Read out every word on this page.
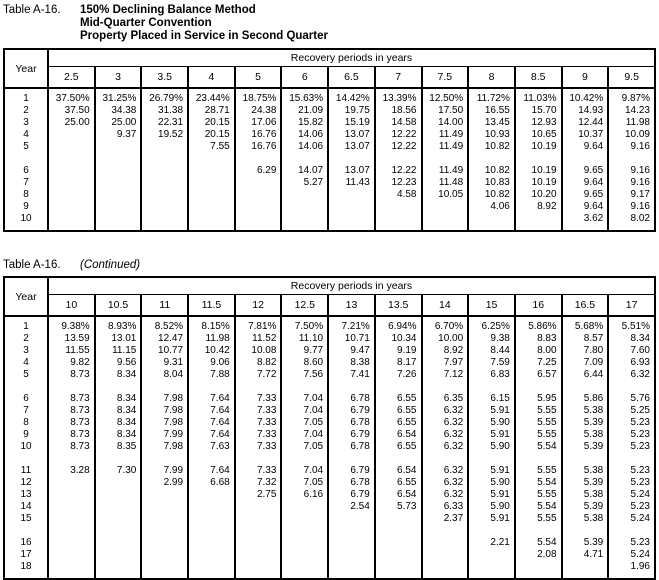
Table A-16.	150% Declining Balance Method
Mid-Quarter Convention
Property Placed in Service in Second Quarter
Year	Recovery periods in years												
	2.5	3	3.5	4	5	6	6.5	7	7.5	8	8.5	9	9.5

1	37.50%	31.25%	26.79%	23.44%	18.75%	15.63%	14.42%	13.39%	12.50%	11.72%	11.03%	10.42%	9.87%
2	37.50	34.38	31.38	28.71	24.38	21.09	19.75	18.56	17.50	16.55	15.70	14.93	14.23
3	25.00	25.00	22.31	20.15	17.06	15.82	15.19	14.58	14.00	13.45	12.93	12.44	11.98
4		9.37	19.52	20.15	16.76	14.06	13.07	12.22	11.49	10.93	10.65	10.37	10.09
5				7.55	16.76	14.06	13.07	12.22	11.49	10.82	10.19	9.64	9.16

6					6.29	14.07	13.07	12.22	11.49	10.82	10.19	9.65	9.16
7						5.27	11.43	12.23	11.48	10.83	10.19	9.64	9.16
8								4.58	10.05	10.82	10.20	9.65	9.17
9										4.06	8.92	9.64	9.16
10												3.62	8.02

Table A-16.	(Continued)
Year	Recovery periods in years												
	10	10.5	11	11.5	12	12.5	13	13.5	14	15	16	16.5	17

1	9.38%	8.93%	8.52%	8.15%	7.81%	7.50%	7.21%	6.94%	6.70%	6.25%	5.86%	5.68%	5.51%
2	13.59	13.01	12.47	11.98	11.52	11.10	10.71	10.34	10.00	9.38	8.83	8.57	8.34
3	11.55	11.15	10.77	10.42	10.08	9.77	9.47	9.19	8.92	8.44	8.00	7.80	7.60
4	9.82	9.56	9.31	9.06	8.82	8.60	8.38	8.17	7.97	7.59	7.25	7.09	6.93
5	8.73	8.34	8.04	7.88	7.72	7.56	7.41	7.26	7.12	6.83	6.57	6.44	6.32

6	8.73	8.34	7.98	7.64	7.33	7.04	6.78	6.55	6.35	6.15	5.95	5.86	5.76
7	8.73	8.34	7.98	7.64	7.33	7.04	6.79	6.55	6.32	5.91	5.55	5.38	5.25
8	8.73	8.34	7.98	7.64	7.33	7.05	6.78	6.55	6.32	5.90	5.55	5.39	5.23
9	8.73	8.34	7.99	7.64	7.33	7.04	6.79	6.54	6.32	5.91	5.55	5.38	5.23
10	8.73	8.35	7.98	7.63	7.33	7.05	6.78	6.55	6.32	5.90	5.54	5.39	5.23

11	3.28	7.30	7.99	7.64	7.33	7.04	6.79	6.54	6.32	5.91	5.55	5.38	5.23
12			2.99	6.68	7.32	7.05	6.78	6.55	6.32	5.90	5.54	5.39	5.23
13					2.75	6.16	6.79	6.54	6.32	5.91	5.55	5.38	5.24
14							2.54	5.73	6.33	5.90	5.54	5.39	5.23
15									2.37	5.91	5.55	5.38	5.24

16										2.21	5.54	5.39	5.23
17											2.08	4.71	5.24
18													1.96
